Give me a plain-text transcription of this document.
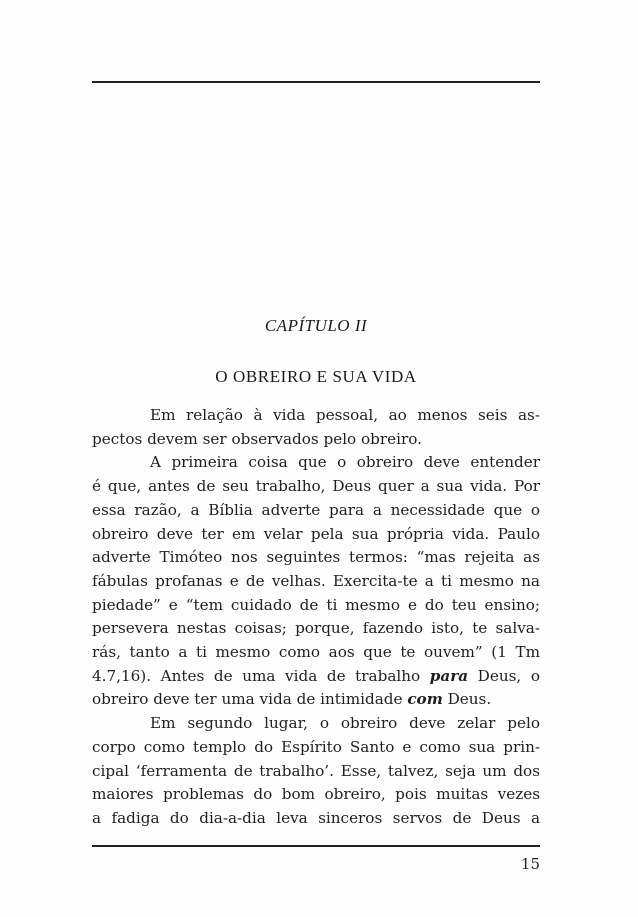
CAPÍTULO II
O OBREIRO E SUA VIDA
Em relação à vida pessoal, ao menos seis as-
pectos devem ser observados pelo obreiro.
A primeira coisa que o obreiro deve entender
é que, antes de seu trabalho, Deus quer a sua vida. Por
essa razão, a Bíblia adverte para a necessidade que o
obreiro deve ter em velar pela sua própria vida. Paulo
adverte Timóteo nos seguintes termos: “mas rejeita as
fábulas profanas e de velhas. Exercita-te a ti mesmo na
piedade” e “tem cuidado de ti mesmo e do teu ensino;
persevera nestas coisas; porque, fazendo isto, te salva-
rás, tanto a ti mesmo como aos que te ouvem” (1 Tm
4.7,16). Antes de uma vida de trabalho para Deus, o
obreiro deve ter uma vida de intimidade com Deus.
Em segundo lugar, o obreiro deve zelar pelo
corpo como templo do Espírito Santo e como sua prin-
cipal ‘ferramenta de trabalho’. Esse, talvez, seja um dos
maiores problemas do bom obreiro, pois muitas vezes
a fadiga do dia-a-dia leva sinceros servos de Deus a
15
